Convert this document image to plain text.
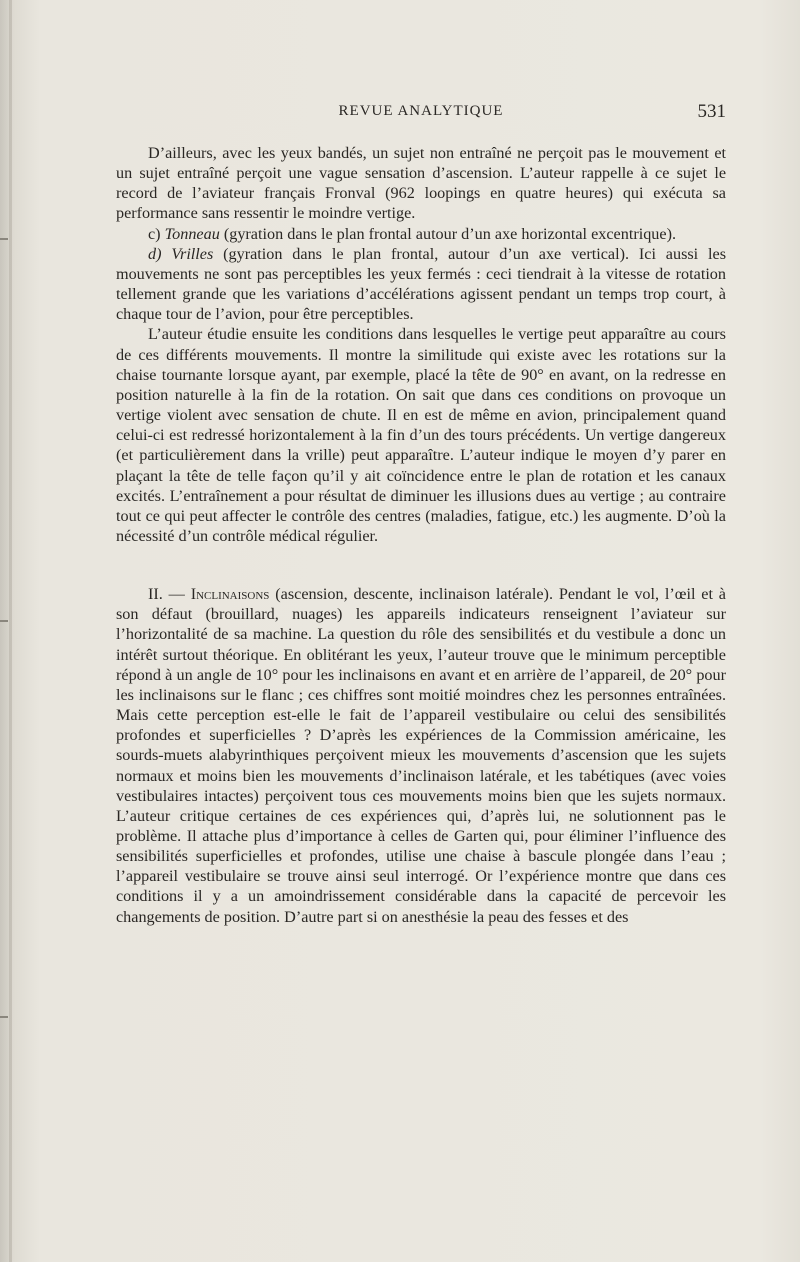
REVUE ANALYTIQUE	531

D’ailleurs, avec les yeux bandés, un sujet non entraîné ne perçoit pas le mouvement et un sujet entraîné perçoit une vague sensation d’ascension. L’auteur rappelle à ce sujet le record de l’aviateur français Fronval (962 loopings en quatre heures) qui exécuta sa performance sans ressentir le moindre vertige.

c) Tonneau (gyration dans le plan frontal autour d’un axe horizontal excentrique).

d) Vrilles (gyration dans le plan frontal, autour d’un axe vertical). Ici aussi les mouvements ne sont pas perceptibles les yeux fermés : ceci tiendrait à la vitesse de rotation tellement grande que les variations d’accélérations agissent pendant un temps trop court, à chaque tour de l’avion, pour être perceptibles.

L’auteur étudie ensuite les conditions dans lesquelles le vertige peut apparaître au cours de ces différents mouvements. Il montre la similitude qui existe avec les rotations sur la chaise tournante lorsque ayant, par exemple, placé la tête de 90° en avant, on la redresse en position naturelle à la fin de la rotation. On sait que dans ces conditions on provoque un vertige violent avec sensation de chute. Il en est de même en avion, principalement quand celui-ci est redressé horizontalement à la fin d’un des tours précédents. Un vertige dangereux (et particulièrement dans la vrille) peut apparaître. L’auteur indique le moyen d’y parer en plaçant la tête de telle façon qu’il y ait coïncidence entre le plan de rotation et les canaux excités. L’entraînement a pour résultat de diminuer les illusions dues au vertige ; au contraire tout ce qui peut affecter le contrôle des centres (maladies, fatigue, etc.) les augmente. D’où la nécessité d’un contrôle médical régulier.

II. — Inclinaisons (ascension, descente, inclinaison latérale). Pendant le vol, l’œil et à son défaut (brouillard, nuages) les appareils indicateurs renseignent l’aviateur sur l’horizontalité de sa machine. La question du rôle des sensibilités et du vestibule a donc un intérêt surtout théorique. En oblitérant les yeux, l’auteur trouve que le minimum perceptible répond à un angle de 10° pour les inclinaisons en avant et en arrière de l’appareil, de 20° pour les inclinaisons sur le flanc ; ces chiffres sont moitié moindres chez les personnes entraînées. Mais cette perception est-elle le fait de l’appareil vestibulaire ou celui des sensibilités profondes et superficielles ? D’après les expériences de la Commission américaine, les sourds-muets alabyrinthiques perçoivent mieux les mouvements d’ascension que les sujets normaux et moins bien les mouvements d’inclinaison latérale, et les tabétiques (avec voies vestibulaires intactes) perçoivent tous ces mouvements moins bien que les sujets normaux. L’auteur critique certaines de ces expériences qui, d’après lui, ne solutionnent pas le problème. Il attache plus d’importance à celles de Garten qui, pour éliminer l’influence des sensibilités superficielles et profondes, utilise une chaise à bascule plongée dans l’eau ; l’appareil vestibulaire se trouve ainsi seul interrogé. Or l’expérience montre que dans ces conditions il y a un amoindrissement considérable dans la capacité de percevoir les changements de position. D’autre part si on anesthésie la peau des fesses et des
